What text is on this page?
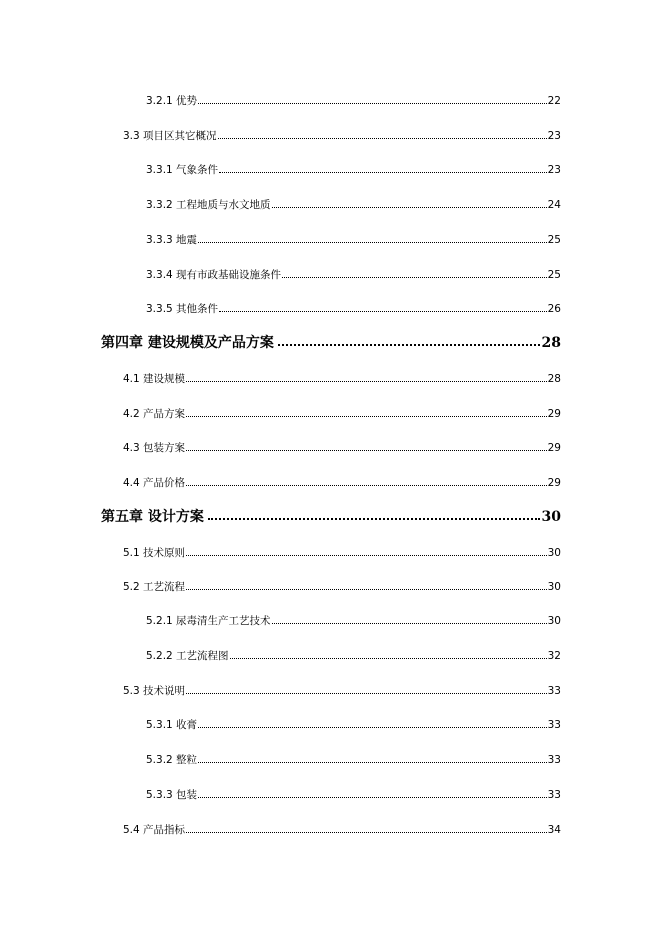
3.2.1 优势	22
3.3 项目区其它概况	23
3.3.1 气象条件	23
3.3.2 工程地质与水文地质	24
3.3.3 地震	25
3.3.4 现有市政基础设施条件	25
3.3.5 其他条件	26
第四章 建设规模及产品方案	28
4.1 建设规模	28
4.2 产品方案	29
4.3 包装方案	29
4.4 产品价格	29
第五章 设计方案	30
5.1 技术原则	30
5.2 工艺流程	30
5.2.1 尿毒清生产工艺技术	30
5.2.2 工艺流程图	32
5.3 技术说明	33
5.3.1 收膏	33
5.3.2 整粒	33
5.3.3 包装	33
5.4 产品指标	34
